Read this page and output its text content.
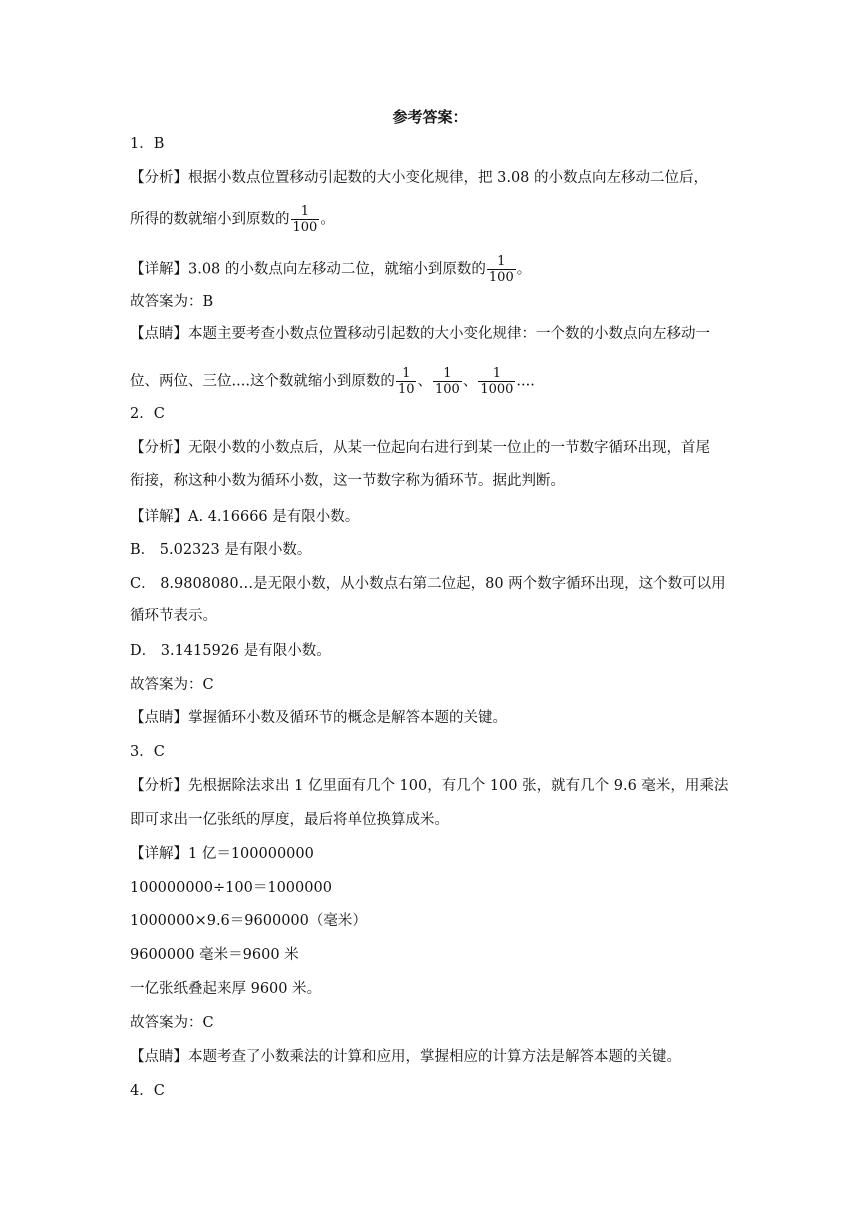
参考答案：
1．B
【分析】根据小数点位置移动引起数的大小变化规律，把 3.08 的小数点向左移动二位后，
所得的数就缩小到原数的 $\frac{1}{100}$ 。
【详解】3.08 的小数点向左移动二位，就缩小到原数的 $\frac{1}{100}$ 。
故答案为：B
【点睛】本题主要考查小数点位置移动引起数的大小变化规律：一个数的小数点向左移动一
位、两位、三位....这个数就缩小到原数的 $\frac{1}{10}$ 、 $\frac{1}{100}$ 、 $\frac{1}{1000}$ ....
2．C
【分析】无限小数的小数点后，从某一位起向右进行到某一位止的一节数字循环出现，首尾
衔接，称这种小数为循环小数，这一节数字称为循环节。据此判断。
【详解】A. 4.16666 是有限小数。
B． 5.02323 是有限小数。
C． 8.9808080…是无限小数，从小数点右第二位起，80 两个数字循环出现，这个数可以用
循环节表示。
D． 3.1415926 是有限小数。
故答案为：C
【点睛】掌握循环小数及循环节的概念是解答本题的关键。
3．C
【分析】先根据除法求出 1 亿里面有几个 100，有几个 100 张，就有几个 9.6 毫米，用乘法
即可求出一亿张纸的厚度，最后将单位换算成米。
【详解】1 亿＝100000000
100000000÷100＝1000000
1000000×9.6＝9600000（毫米）
9600000 毫米＝9600 米
一亿张纸叠起来厚 9600 米。
故答案为：C
【点睛】本题考查了小数乘法的计算和应用，掌握相应的计算方法是解答本题的关键。
4．C
